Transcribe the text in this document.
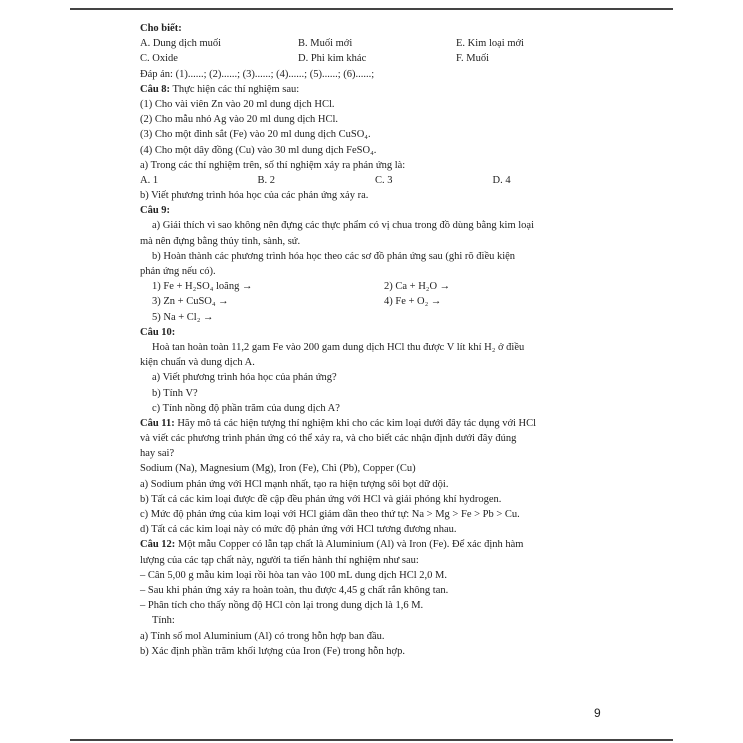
Cho biết:
A. Dung dịch muối	B. Muối mới	E. Kim loại mới
C. Oxide	D. Phi kim khác	F. Muối
Đáp án: (1)......; (2)......; (3)......; (4)......; (5)......; (6)......;
Câu 8: Thực hiện các thí nghiệm sau:
(1) Cho vài viên Zn vào 20 ml dung dịch HCl.
(2) Cho mẫu nhỏ Ag vào 20 ml dung dịch HCl.
(3) Cho một đinh sắt (Fe) vào 20 ml dung dịch CuSO₄.
(4) Cho một dây đồng (Cu) vào 30 ml dung dịch FeSO₄.
a) Trong các thí nghiệm trên, số thí nghiệm xảy ra phản ứng là:
A. 1	B. 2	C. 3	D. 4
b) Viết phương trình hóa học của các phản ứng xảy ra.
Câu 9:
a) Giải thích vì sao không nên đựng các thực phẩm có vị chua trong đồ dùng bằng kim loại
mà nên đựng bằng thủy tinh, sành, sứ.
b) Hoàn thành các phương trình hóa học theo các sơ đồ phản ứng sau (ghi rõ điều kiện
phản ứng nếu có).
1) Fe + H₂SO₄ loãng →	2) Ca + H₂O →
3) Zn + CuSO₄ →	4) Fe + O₂ →
5) Na + Cl₂ →
Câu 10:
Hoà tan hoàn toàn 11,2 gam Fe vào 200 gam dung dịch HCl thu được V lít khí H₂ ở điều
kiện chuẩn và dung dịch A.
a) Viết phương trình hóa học của phản ứng?
b) Tính V?
c) Tính nồng độ phần trăm của dung dịch A?
Câu 11: Hãy mô tả các hiện tượng thí nghiệm khi cho các kim loại dưới đây tác dụng với HCl
và viết các phương trình phản ứng có thể xảy ra, và cho biết các nhận định dưới đây đúng
hay sai?
Sodium (Na), Magnesium (Mg), Iron (Fe), Chì (Pb), Copper (Cu)
a) Sodium phản ứng với HCl mạnh nhất, tạo ra hiện tượng sôi bọt dữ dội.
b) Tất cả các kim loại được đề cập đều phản ứng với HCl và giải phóng khí hydrogen.
c) Mức độ phản ứng của kim loại với HCl giảm dần theo thứ tự: Na > Mg > Fe > Pb > Cu.
d) Tất cả các kim loại này có mức độ phản ứng với HCl tương đương nhau.
Câu 12: Một mẫu Copper có lẫn tạp chất là Aluminium (Al) và Iron (Fe). Để xác định hàm
lượng của các tạp chất này, người ta tiến hành thí nghiệm như sau:
– Cân 5,00 g mẫu kim loại rồi hòa tan vào 100 mL dung dịch HCl 2,0 M.
– Sau khi phản ứng xảy ra hoàn toàn, thu được 4,45 g chất rắn không tan.
– Phân tích cho thấy nồng độ HCl còn lại trong dung dịch là 1,6 M.
Tính:
a) Tính số mol Aluminium (Al) có trong hỗn hợp ban đầu.
b) Xác định phần trăm khối lượng của Iron (Fe) trong hỗn hợp.
9
